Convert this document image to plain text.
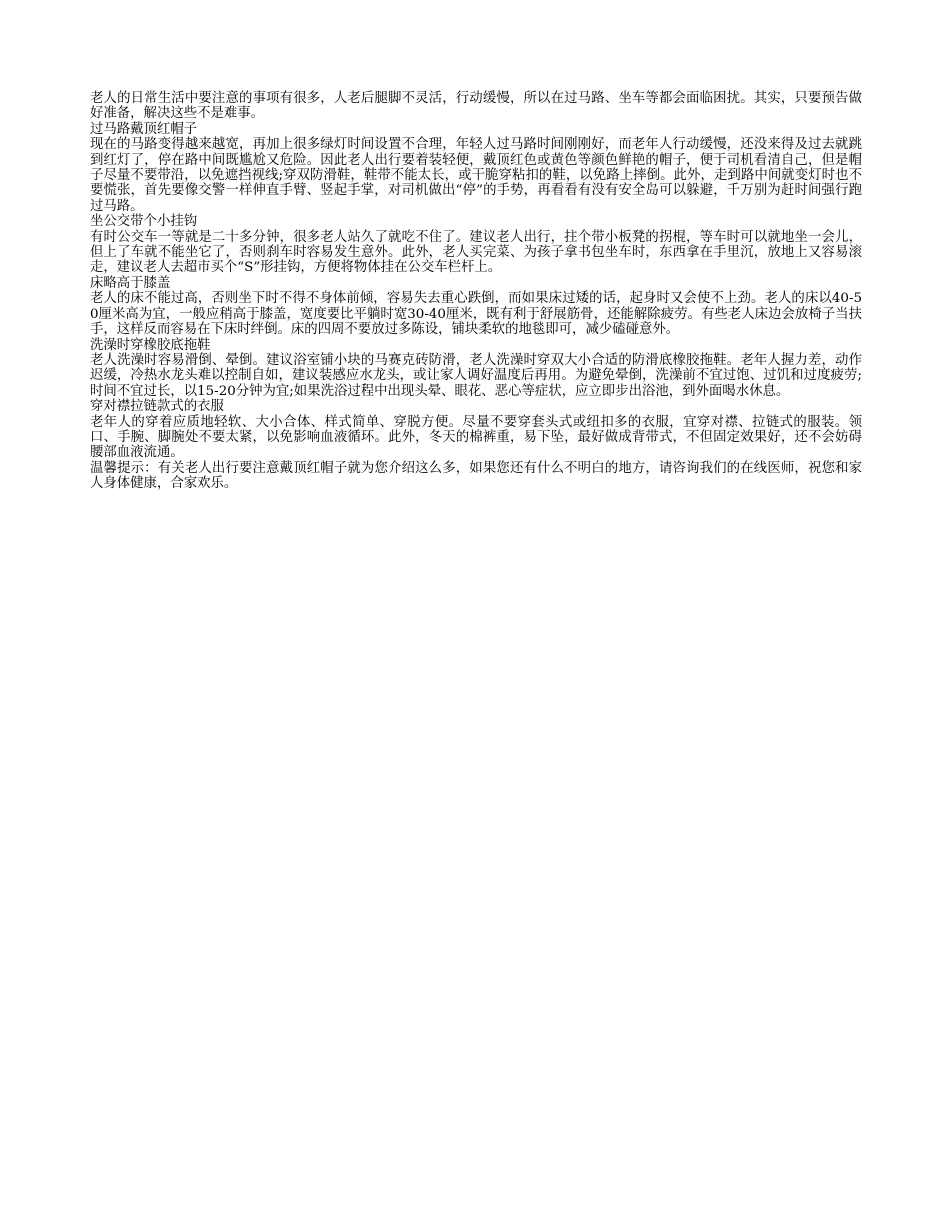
老人的日常生活中要注意的事项有很多，人老后腿脚不灵活，行动缓慢，所以在过马路、坐车等都会面临困扰。其实，只要预告做好准备，解决这些不是难事。

过马路戴顶红帽子

现在的马路变得越来越宽，再加上很多绿灯时间设置不合理，年轻人过马路时间刚刚好，而老年人行动缓慢，还没来得及过去就跳到红灯了，停在路中间既尴尬又危险。因此老人出行要着装轻便，戴顶红色或黄色等颜色鲜艳的帽子，便于司机看清自己，但是帽子尽量不要带沿，以免遮挡视线;穿双防滑鞋，鞋带不能太长，或干脆穿粘扣的鞋，以免路上摔倒。此外，走到路中间就变灯时也不要慌张，首先要像交警一样伸直手臂、竖起手掌，对司机做出“停”的手势，再看看有没有安全岛可以躲避，千万别为赶时间强行跑过马路。

坐公交带个小挂钩

有时公交车一等就是二十多分钟，很多老人站久了就吃不住了。建议老人出行，拄个带小板凳的拐棍，等车时可以就地坐一会儿，但上了车就不能坐它了，否则刹车时容易发生意外。此外，老人买完菜、为孩子拿书包坐车时，东西拿在手里沉，放地上又容易滚走，建议老人去超市买个“S”形挂钩，方便将物体挂在公交车栏杆上。

床略高于膝盖

老人的床不能过高，否则坐下时不得不身体前倾，容易失去重心跌倒，而如果床过矮的话，起身时又会使不上劲。老人的床以40-50厘米高为宜，一般应稍高于膝盖，宽度要比平躺时宽30-40厘米，既有利于舒展筋骨，还能解除疲劳。有些老人床边会放椅子当扶手，这样反而容易在下床时绊倒。床的四周不要放过多陈设，铺块柔软的地毯即可，减少磕碰意外。

洗澡时穿橡胶底拖鞋

老人洗澡时容易滑倒、晕倒。建议浴室铺小块的马赛克砖防滑，老人洗澡时穿双大小合适的防滑底橡胶拖鞋。老年人握力差，动作迟缓，冷热水龙头难以控制自如，建议装感应水龙头，或让家人调好温度后再用。为避免晕倒，洗澡前不宜过饱、过饥和过度疲劳;时间不宜过长，以15-20分钟为宜;如果洗浴过程中出现头晕、眼花、恶心等症状，应立即步出浴池，到外面喝水休息。

穿对襟拉链款式的衣服

老年人的穿着应质地轻软、大小合体、样式简单、穿脱方便。尽量不要穿套头式或纽扣多的衣服，宜穿对襟、拉链式的服装。领口、手腕、脚腕处不要太紧，以免影响血液循环。此外，冬天的棉裤重，易下坠，最好做成背带式，不但固定效果好，还不会妨碍腰部血液流通。

温馨提示：有关老人出行要注意戴顶红帽子就为您介绍这么多，如果您还有什么不明白的地方，请咨询我们的在线医师，祝您和家人身体健康，合家欢乐。
